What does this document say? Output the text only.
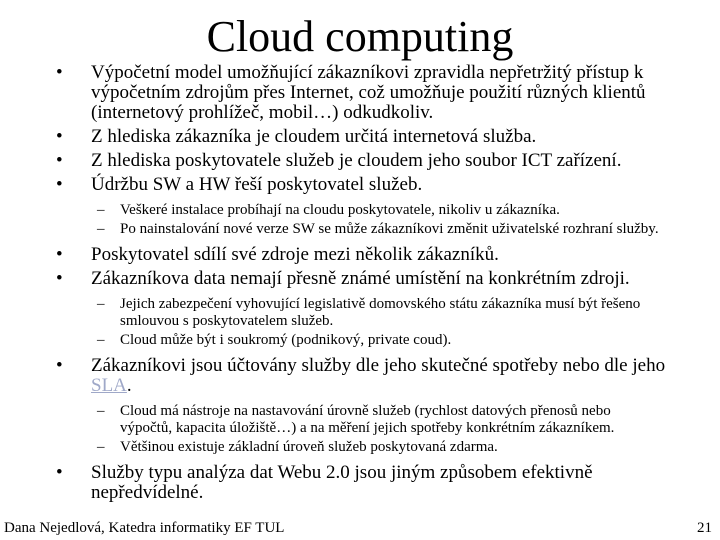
Cloud computing
•	Výpočetní model umožňující zákazníkovi zpravidla nepřetržitý přístup k výpočetním zdrojům přes Internet, což umožňuje použití různých klientů (internetový prohlížeč, mobil…) odkudkoliv.
•	Z hlediska zákazníka je cloudem určitá internetová služba.
•	Z hlediska poskytovatele služeb je cloudem jeho soubor ICT zařízení.
•	Údržbu SW a HW řeší poskytovatel služeb.
– Veškeré instalace probíhají na cloudu poskytovatele, nikoliv u zákazníka.
– Po nainstalování nové verze SW se může zákazníkovi změnit uživatelské rozhraní služby.
•	Poskytovatel sdílí své zdroje mezi několik zákazníků.
•	Zákazníkova data nemají přesně známé umístění na konkrétním zdroji.
– Jejich zabezpečení vyhovující legislativě domovského státu zákazníka musí být řešeno smlouvou s poskytovatelem služeb.
– Cloud může být i soukromý (podnikový, private coud).
•	Zákazníkovi jsou účtovány služby dle jeho skutečné spotřeby nebo dle jeho SLA.
– Cloud má nástroje na nastavování úrovně služeb (rychlost datových přenosů nebo výpočtů, kapacita úložiště…) a na měření jejich spotřeby konkrétním zákazníkem.
– Většinou existuje základní úroveň služeb poskytovaná zdarma.
•	Služby typu analýza dat Webu 2.0 jsou jiným způsobem efektivně nepředvídelné.
Dana Nejedlová, Katedra informatiky EF TUL	21
